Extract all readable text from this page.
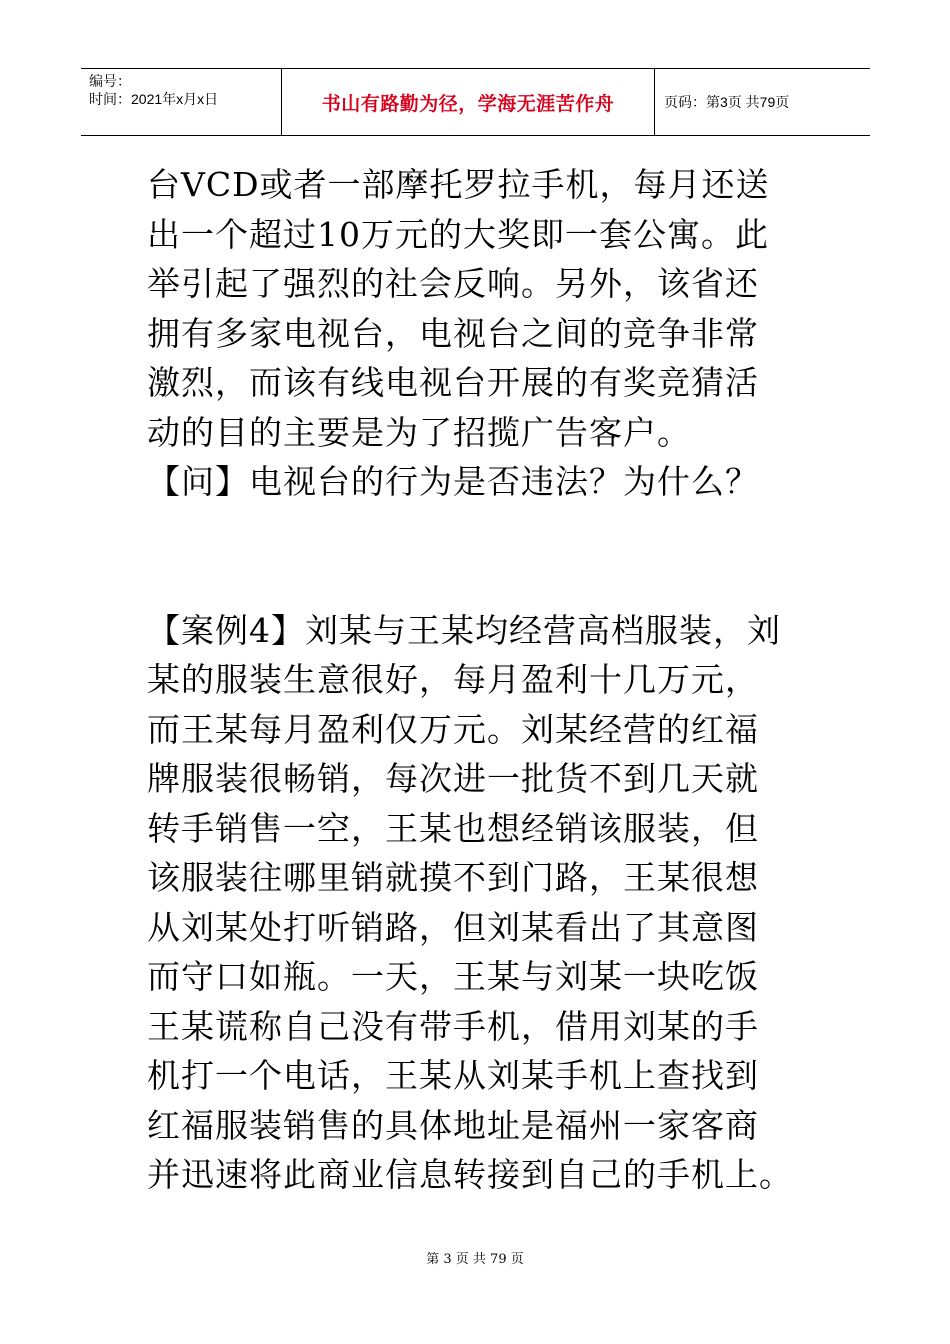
编号：
时间：2021年x月x日	书山有路勤为径，学海无涯苦作舟	页码：第3页 共79页

台VCD或者一部摩托罗拉手机，每月还送

出一个超过10万元的大奖即一套公寓。此

举引起了强烈的社会反响。另外，该省还

拥有多家电视台，电视台之间的竞争非常

激烈，而该有线电视台开展的有奖竞猜活

动的目的主要是为了招揽广告客户。

【问】电视台的行为是否违法？为什么？

【案例4】刘某与王某均经营高档服装，刘

某的服装生意很好，每月盈利十几万元，

而王某每月盈利仅万元。刘某经营的红福

牌服装很畅销，每次进一批货不到几天就

转手销售一空，王某也想经销该服装，但

该服装往哪里销就摸不到门路，王某很想

从刘某处打听销路，但刘某看出了其意图

而守口如瓶。一天，王某与刘某一块吃饭

王某谎称自己没有带手机，借用刘某的手

机打一个电话，王某从刘某手机上查找到

红福服装销售的具体地址是福州一家客商

并迅速将此商业信息转接到自己的手机上。

第 3 页 共 79 页
